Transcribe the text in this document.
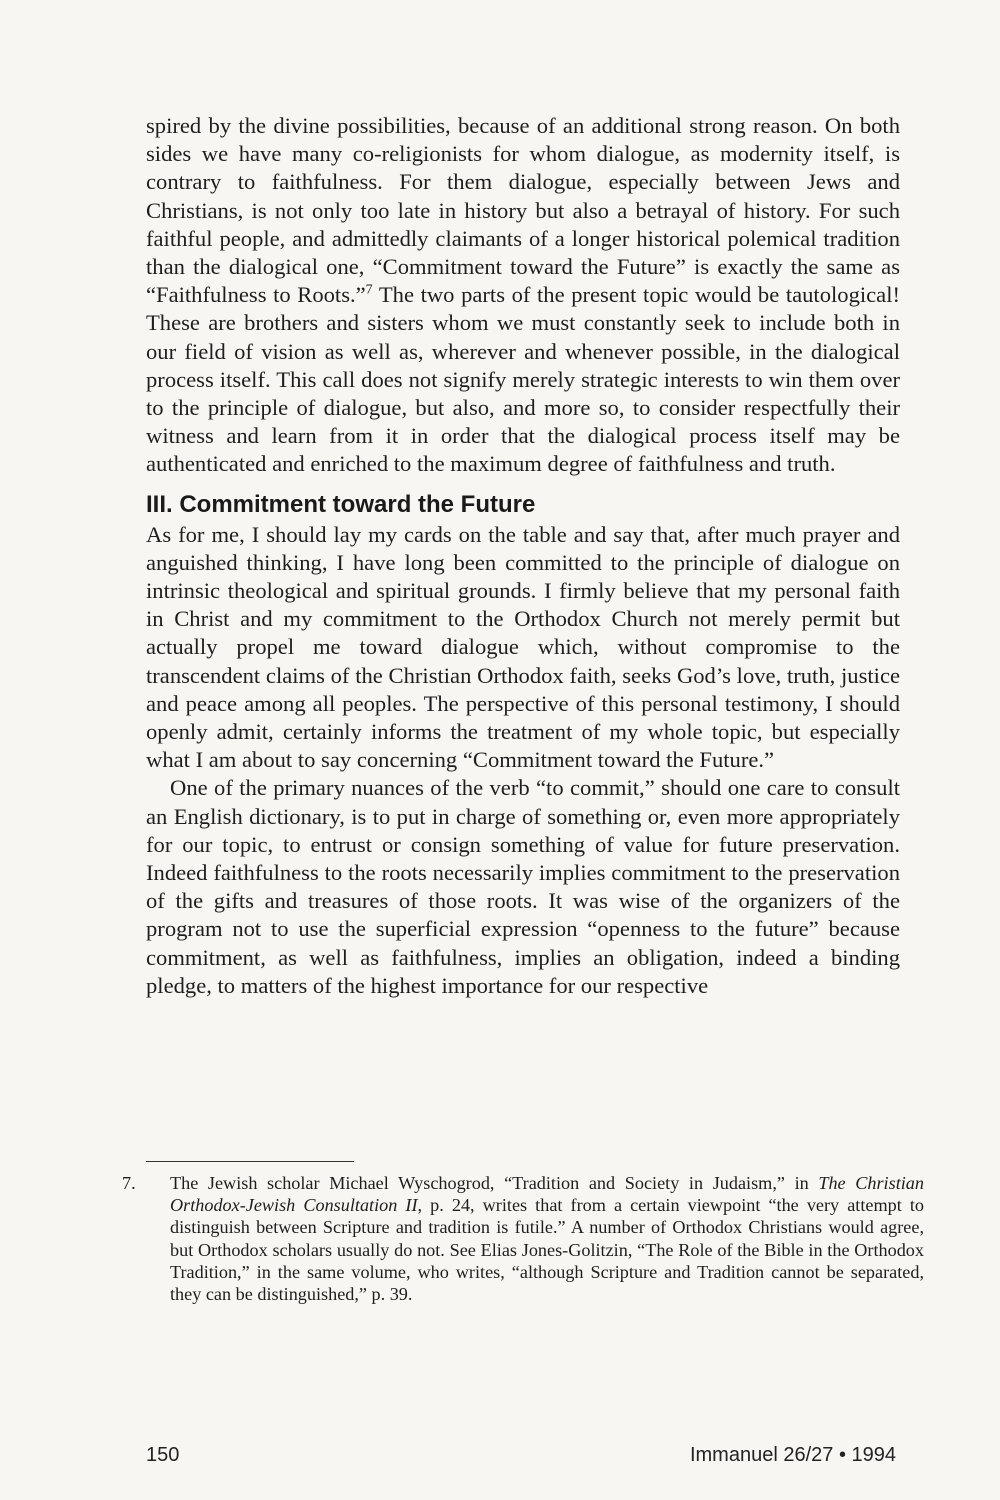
spired by the divine possibilities, because of an additional strong reason. On both sides we have many co-religionists for whom dialogue, as modernity itself, is contrary to faithfulness. For them dialogue, especially between Jews and Christians, is not only too late in history but also a betrayal of history. For such faithful people, and admittedly claimants of a longer historical polemical tradition than the dialogical one, “Commitment toward the Future” is exactly the same as “Faithfulness to Roots.”$^7$ The two parts of the present topic would be tautological! These are brothers and sisters whom we must constantly seek to include both in our field of vision as well as, wherever and whenever possible, in the dialogical process itself. This call does not signify merely strategic interests to win them over to the principle of dialogue, but also, and more so, to consider respectfully their witness and learn from it in order that the dialogical process itself may be authenticated and enriched to the maximum degree of faithfulness and truth.

III. Commitment toward the Future

As for me, I should lay my cards on the table and say that, after much prayer and anguished thinking, I have long been committed to the principle of dialogue on intrinsic theological and spiritual grounds. I firmly believe that my personal faith in Christ and my commitment to the Orthodox Church not merely permit but actually propel me toward dialogue which, without compromise to the transcendent claims of the Christian Orthodox faith, seeks God’s love, truth, justice and peace among all peoples. The perspective of this personal testimony, I should openly admit, certainly informs the treatment of my whole topic, but especially what I am about to say concerning “Commitment toward the Future.”

One of the primary nuances of the verb “to commit,” should one care to consult an English dictionary, is to put in charge of something or, even more appropriately for our topic, to entrust or consign something of value for future preservation. Indeed faithfulness to the roots necessarily implies commitment to the preservation of the gifts and treasures of those roots. It was wise of the organizers of the program not to use the superficial expression “openness to the future” because commitment, as well as faithfulness, implies an obligation, indeed a binding pledge, to matters of the highest importance for our respective

7. The Jewish scholar Michael Wyschogrod, “Tradition and Society in Judaism,” in The Christian Orthodox-Jewish Consultation II, p. 24, writes that from a certain viewpoint “the very attempt to distinguish between Scripture and tradition is futile.” A number of Orthodox Christians would agree, but Orthodox scholars usually do not. See Elias Jones-Golitzin, “The Role of the Bible in the Orthodox Tradition,” in the same volume, who writes, “although Scripture and Tradition cannot be separated, they can be distinguished,” p. 39.
150	Immanuel 26/27 • 1994
